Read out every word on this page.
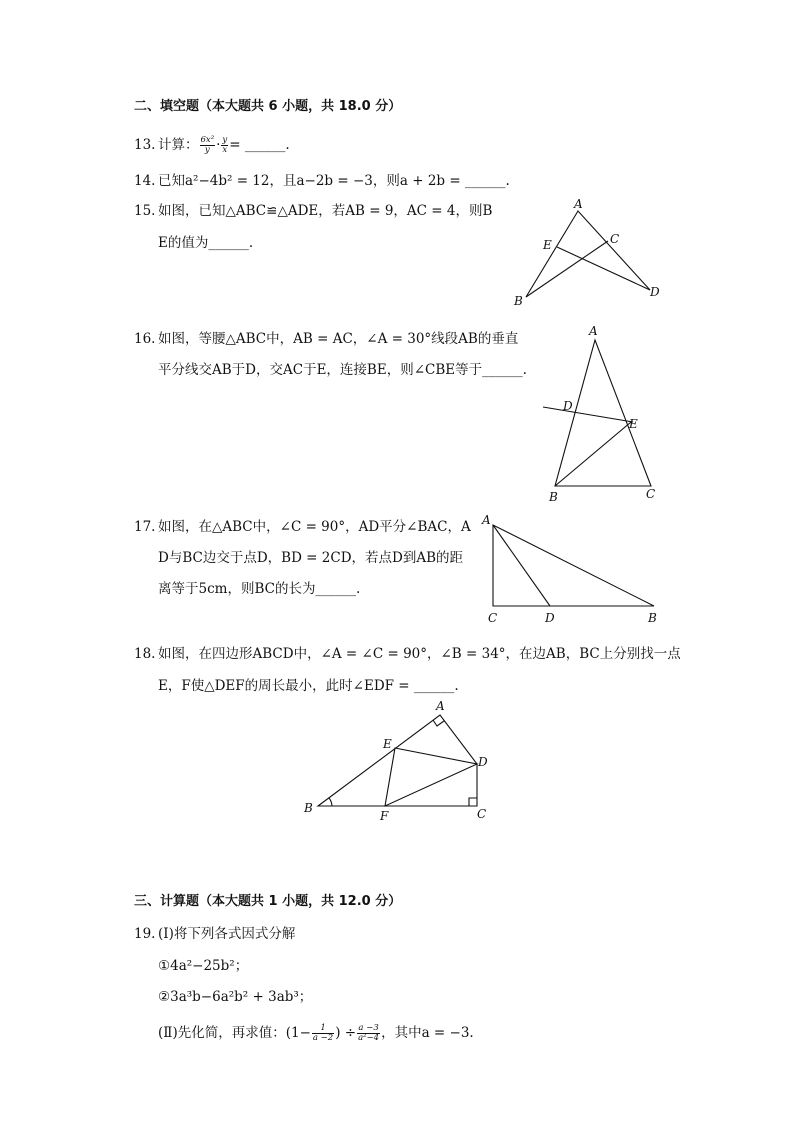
二、填空题（本大题共 6 小题，共 18.0 分）
13. 计算： $\frac{\text{6x²}}{y} \cdot \frac{y}{x}$ = ______.
14. 已知a²−4b² = 12，且a−2b = −3，则a + 2b = ______.
15. 如图，已知△ABC≌△ADE，若AB = 9，AC = 4，则B
E的值为______.
A
B
C
D
E
16. 如图，等腰△ABC中，AB = AC，∠A = 30°线段AB的垂直
平分线交AB于D，交AC于E，连接BE，则∠CBE等于______.
A
B	C
D
E
17. 如图，在△ABC中，∠C = 90°，AD平分∠BAC，A
D与BC边交于点D，BD = 2CD，若点D到AB的距
离等于5cm，则BC的长为______.
A
C	D	B
18. 如图，在四边形ABCD中，∠A = ∠C = 90°，∠B = 34°，在边AB，BC上分别找一点
E，F使△DEF的周长最小，此时∠EDF = ______.
A
B	C
D
E
F
三、计算题（本大题共 1 小题，共 12.0 分）
19. (Ⅰ)将下列各式因式分解
①4a²−25b²；
②3a³b−6a²b² + 3ab³；
(Ⅱ)先化简，再求值：($1- \frac{1}{a -2}$ ) ÷ $\frac{a -3}{\text{a²−4}}$ ，其中a = −3.
